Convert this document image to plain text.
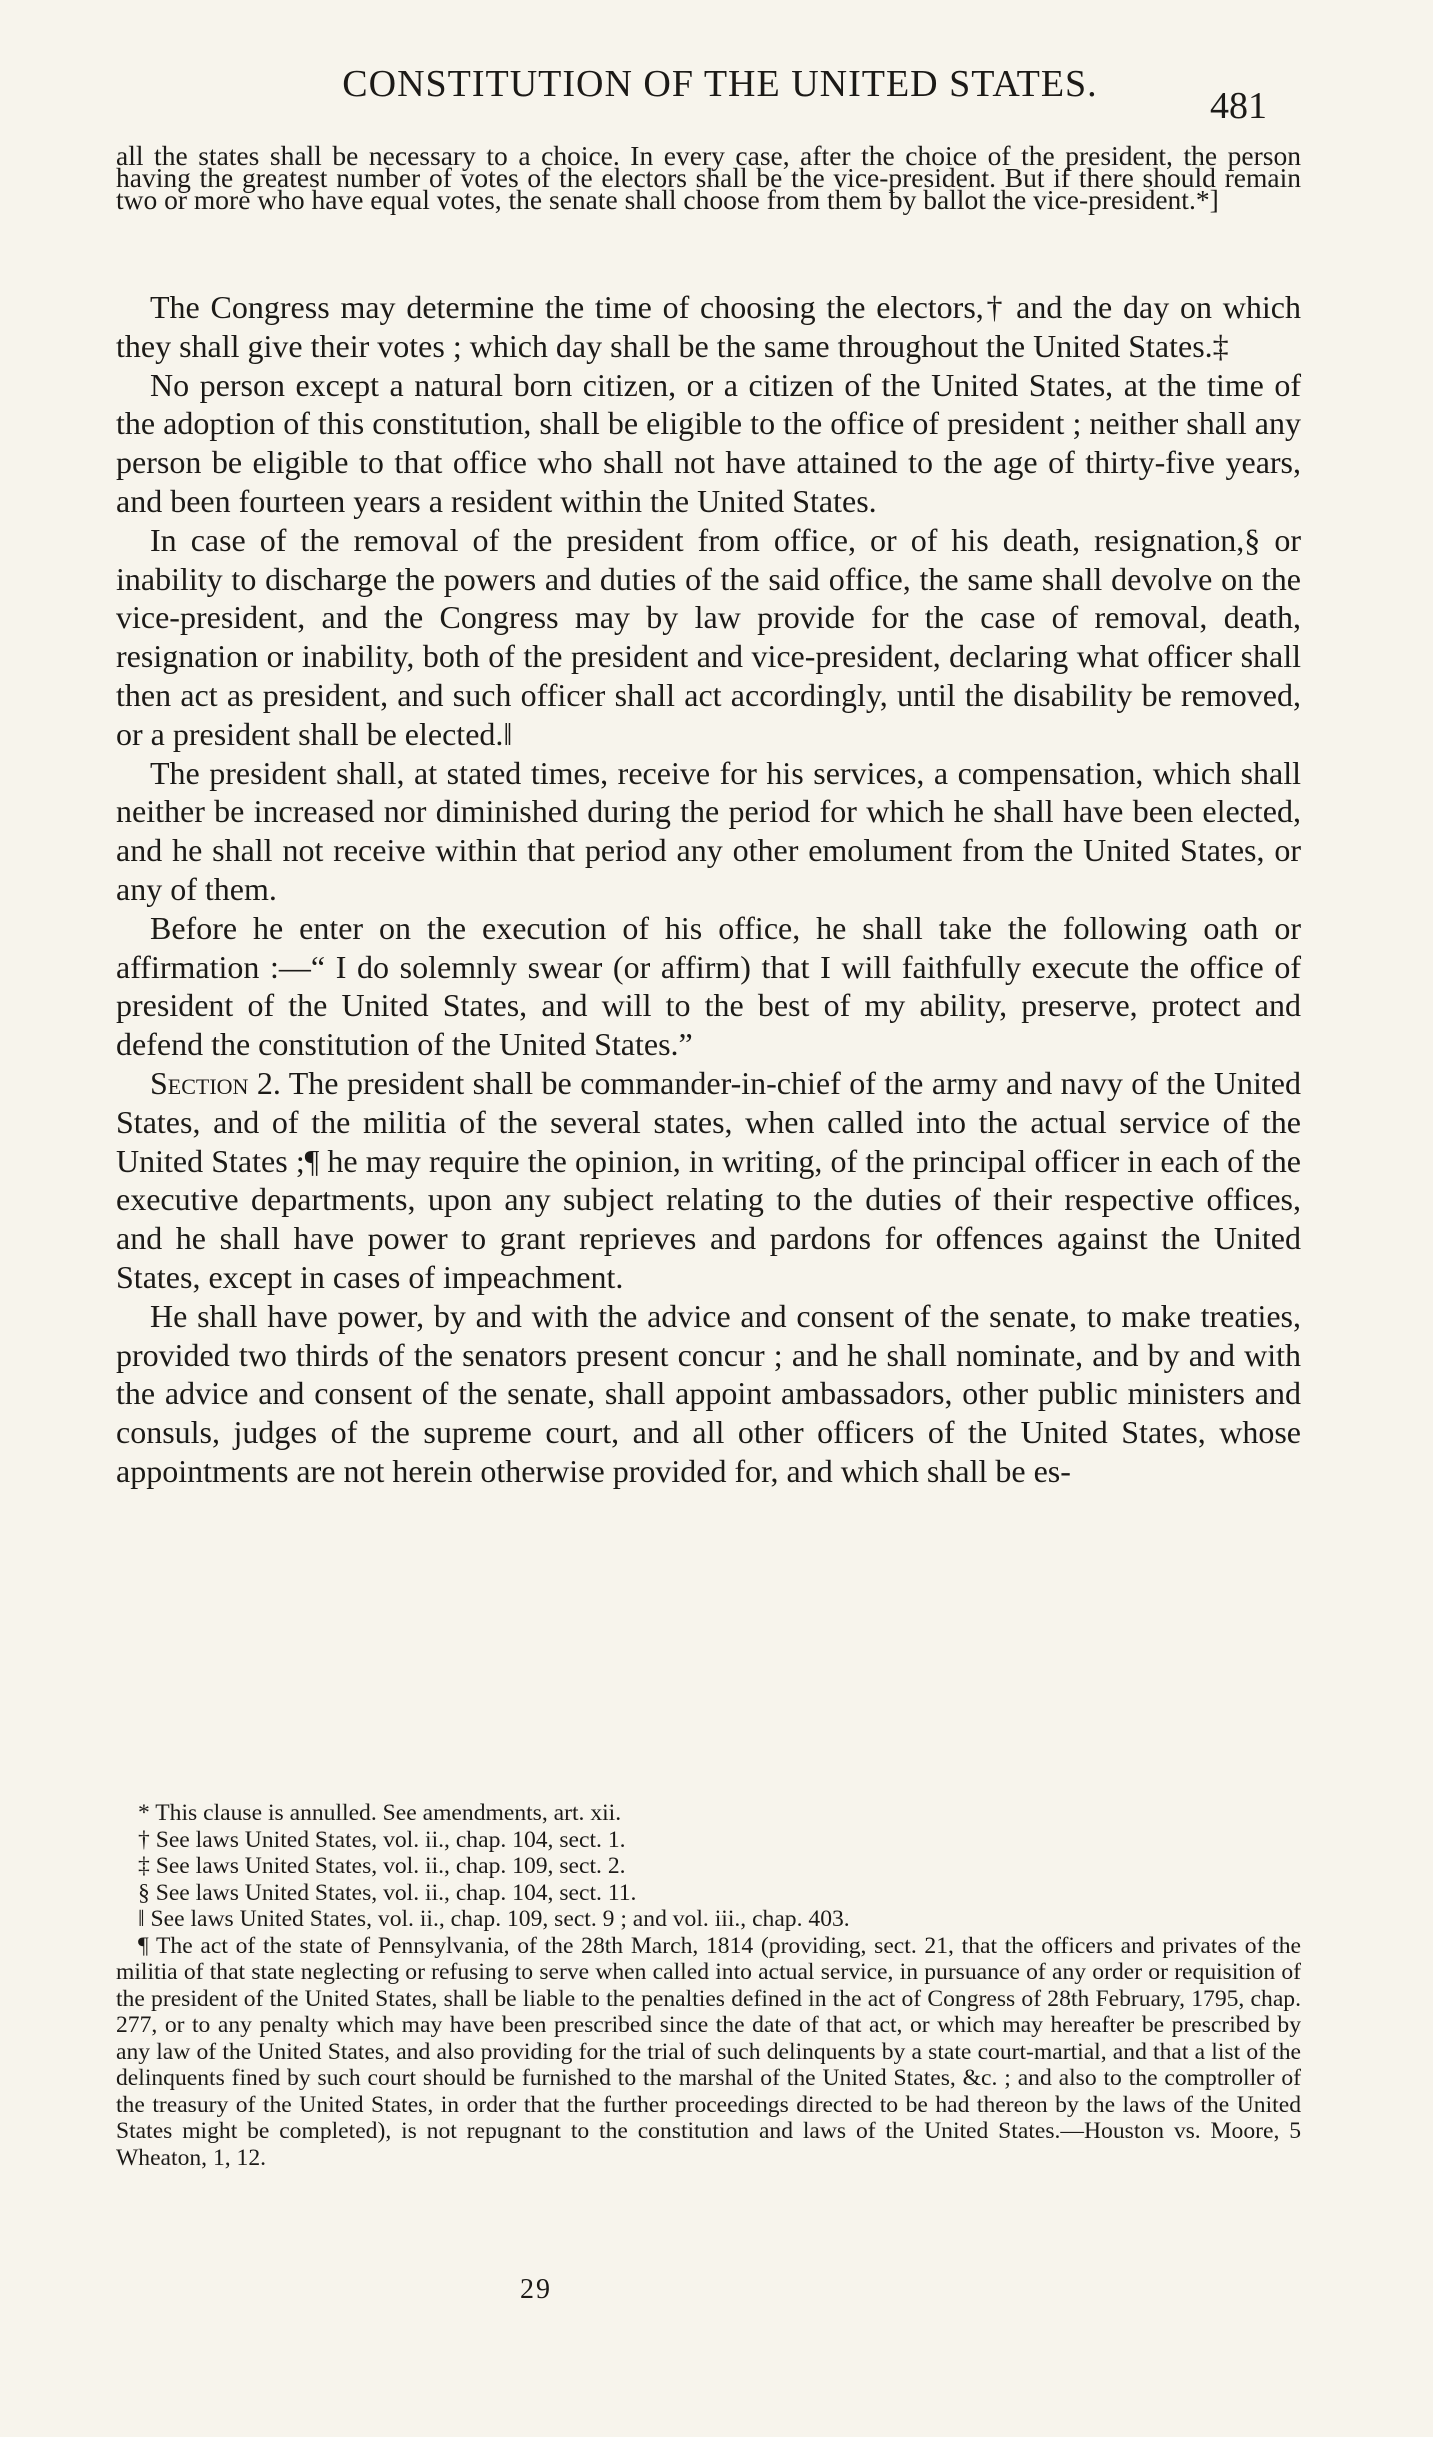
CONSTITUTION OF THE UNITED STATES.
481

all the states shall be necessary to a choice. In every case, after the choice of the president, the person having the greatest number of votes of the electors shall be the vice-president. But if there should remain two or more who have equal votes, the senate shall choose from them by ballot the vice-president.*]

The Congress may determine the time of choosing the electors,† and the day on which they shall give their votes ; which day shall be the same throughout the United States.‡

No person except a natural born citizen, or a citizen of the United States, at the time of the adoption of this constitution, shall be eligible to the office of president ; neither shall any person be eligible to that office who shall not have attained to the age of thirty-five years, and been fourteen years a resident within the United States.

In case of the removal of the president from office, or of his death, resignation,§ or inability to discharge the powers and duties of the said office, the same shall devolve on the vice-president, and the Congress may by law provide for the case of removal, death, resignation or inability, both of the president and vice-president, declaring what officer shall then act as president, and such officer shall act accordingly, until the disability be removed, or a president shall be elected.‖

The president shall, at stated times, receive for his services, a compensation, which shall neither be increased nor diminished during the period for which he shall have been elected, and he shall not receive within that period any other emolument from the United States, or any of them.

Before he enter on the execution of his office, he shall take the following oath or affirmation :—“ I do solemnly swear (or affirm) that I will faithfully execute the office of president of the United States, and will to the best of my ability, preserve, protect and defend the constitution of the United States.”

Section 2. The president shall be commander-in-chief of the army and navy of the United States, and of the militia of the several states, when called into the actual service of the United States ;¶ he may require the opinion, in writing, of the principal officer in each of the executive departments, upon any subject relating to the duties of their respective offices, and he shall have power to grant reprieves and pardons for offences against the United States, except in cases of impeachment.

He shall have power, by and with the advice and consent of the senate, to make treaties, provided two thirds of the senators present concur ; and he shall nominate, and by and with the advice and consent of the senate, shall appoint ambassadors, other public ministers and consuls, judges of the supreme court, and all other officers of the United States, whose appointments are not herein otherwise provided for, and which shall be es-

* This clause is annulled. See amendments, art. xii.

† See laws United States, vol. ii., chap. 104, sect. 1.

‡ See laws United States, vol. ii., chap. 109, sect. 2.

§ See laws United States, vol. ii., chap. 104, sect. 11.

‖ See laws United States, vol. ii., chap. 109, sect. 9 ; and vol. iii., chap. 403.

¶ The act of the state of Pennsylvania, of the 28th March, 1814 (providing, sect. 21, that the officers and privates of the militia of that state neglecting or refusing to serve when called into actual service, in pursuance of any order or requisition of the president of the United States, shall be liable to the penalties defined in the act of Congress of 28th February, 1795, chap. 277, or to any penalty which may have been prescribed since the date of that act, or which may hereafter be prescribed by any law of the United States, and also providing for the trial of such delinquents by a state court-martial, and that a list of the delinquents fined by such court should be furnished to the marshal of the United States, &c. ; and also to the comptroller of the treasury of the United States, in order that the further proceedings directed to be had thereon by the laws of the United States might be completed), is not repugnant to the constitution and laws of the United States.—Houston vs. Moore, 5 Wheaton, 1, 12.

29
